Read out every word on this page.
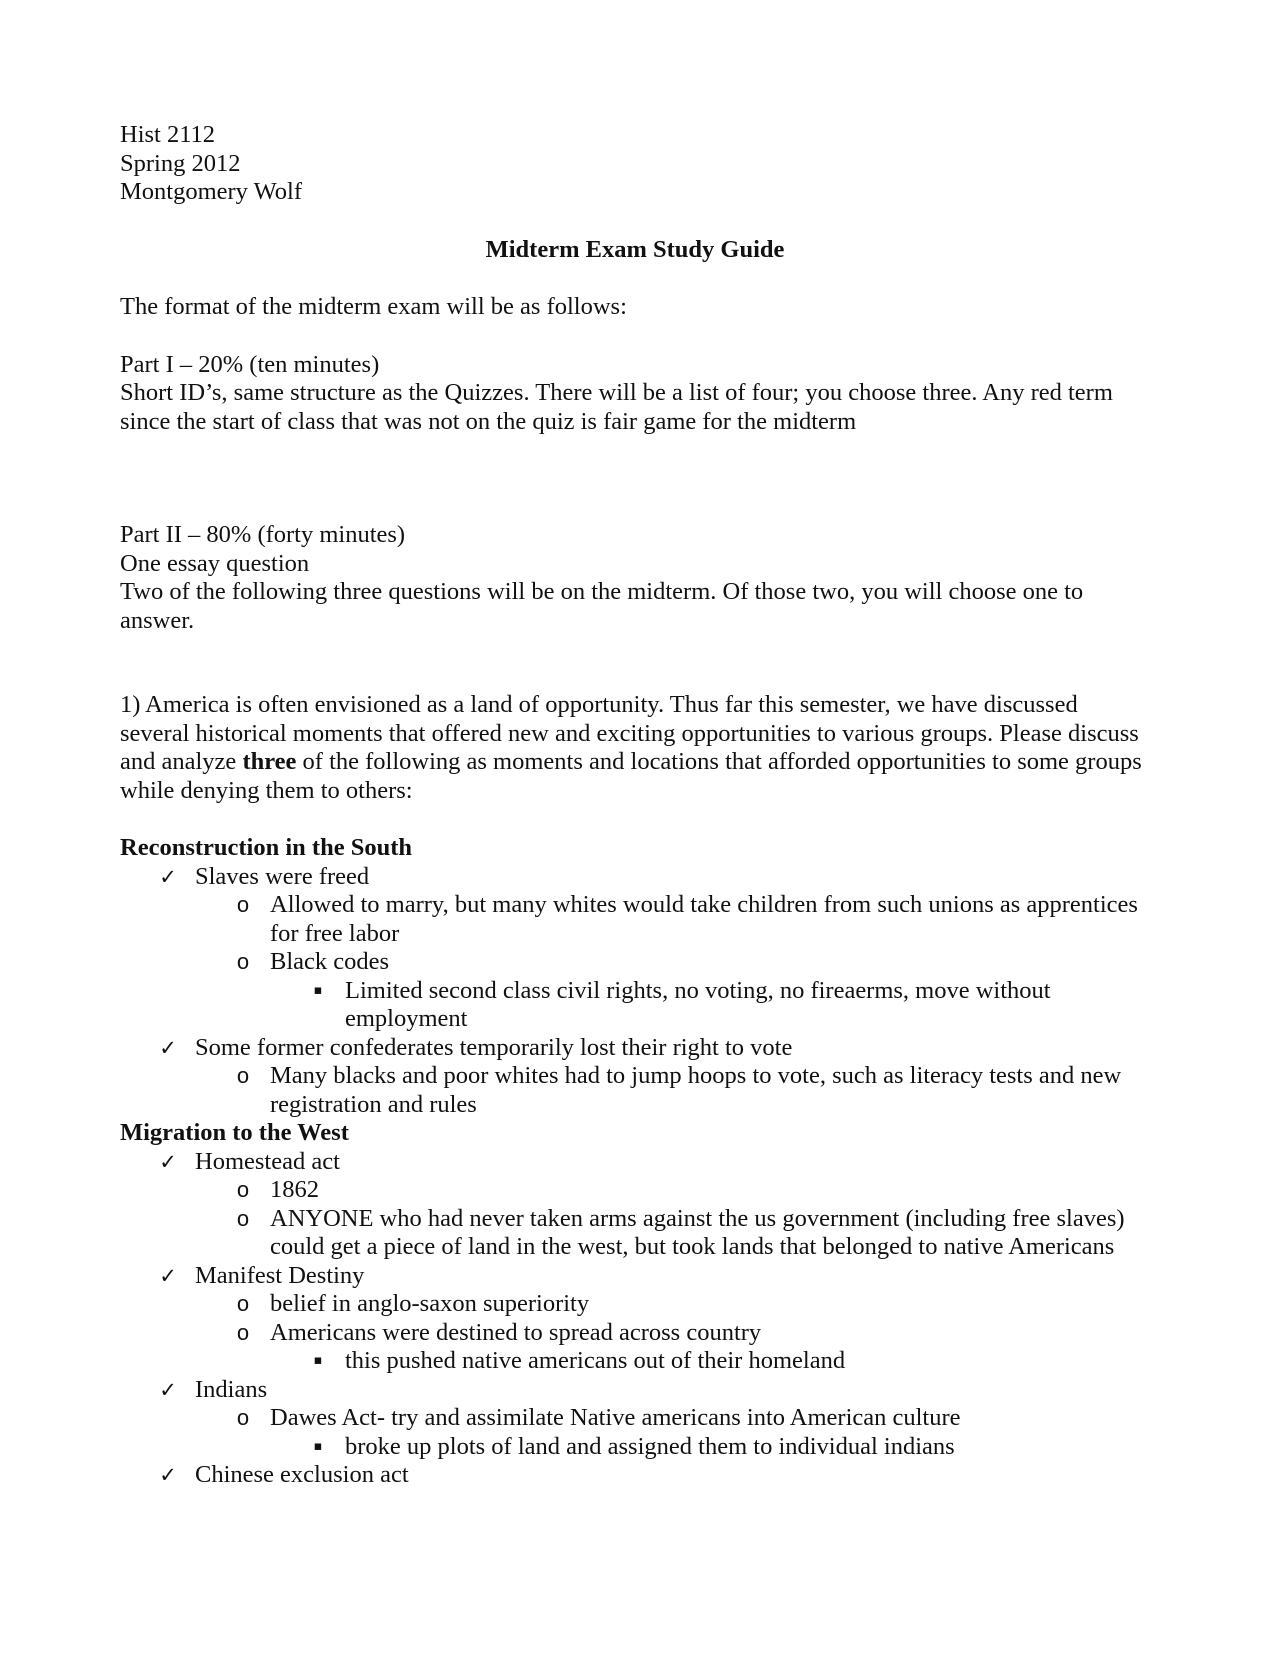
Hist 2112

Spring 2012

Montgomery Wolf

Midterm Exam Study Guide

The format of the midterm exam will be as follows:

Part I – 20% (ten minutes)

Short ID’s, same structure as the Quizzes. There will be a list of four; you choose three. Any red term since the start of class that was not on the quiz is fair game for the midterm

Part II – 80% (forty minutes)

One essay question

Two of the following three questions will be on the midterm. Of those two, you will choose one to answer.

1) America is often envisioned as a land of opportunity. Thus far this semester, we have discussed several historical moments that offered new and exciting opportunities to various groups. Please discuss and analyze three of the following as moments and locations that afforded opportunities to some groups while denying them to others:

Reconstruction in the South

✓ Slaves were freed

o Allowed to marry, but many whites would take children from such unions as apprentices for free labor

o Black codes

▪ Limited second class civil rights, no voting, no fireaerms, move without employment

✓ Some former confederates temporarily lost their right to vote

o Many blacks and poor whites had to jump hoops to vote, such as literacy tests and new registration and rules

Migration to the West

✓ Homestead act

o 1862

o ANYONE who had never taken arms against the us government (including free slaves) could get a piece of land in the west, but took lands that belonged to native Americans

✓ Manifest Destiny

o belief in anglo-saxon superiority

o Americans were destined to spread across country

▪ this pushed native americans out of their homeland

✓ Indians

o Dawes Act- try and assimilate Native americans into American culture

▪ broke up plots of land and assigned them to individual indians

✓ Chinese exclusion act
